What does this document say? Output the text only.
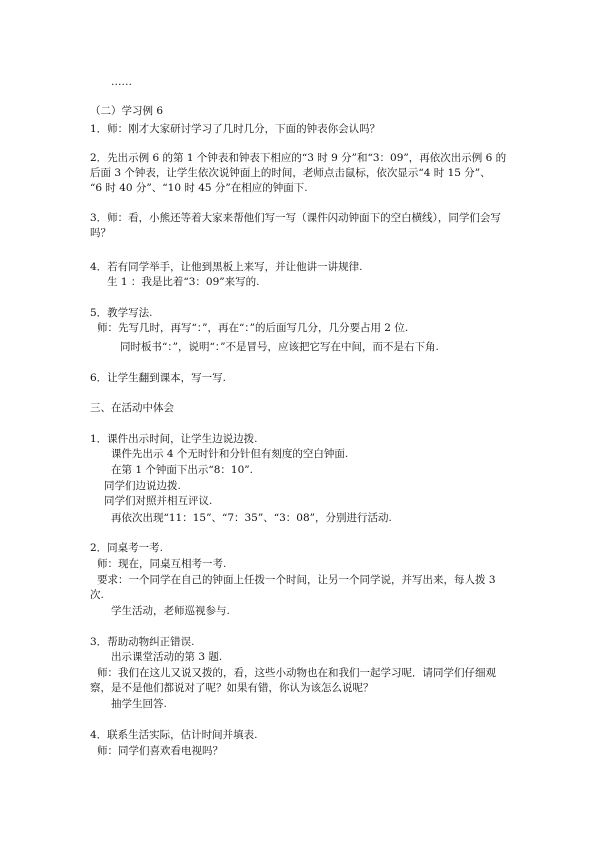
……
（二）学习例 6
1．师：刚才大家研讨学习了几时几分，下面的钟表你会认吗？
2．先出示例 6 的第 1 个钟表和钟表下相应的“3 时 9 分”和“3：09”，再依次出示例 6 的
后面 3 个钟表，让学生依次说钟面上的时间，老师点击鼠标，依次显示“4 时 15 分”、
“6 时 40 分”、“10 时 45 分”在相应的钟面下.
3．师：看，小熊还等着大家来帮他们写一写（课件闪动钟面下的空白横线），同学们会写
吗？
4．若有同学举手，让他到黑板上来写，并让他讲一讲规律.
生 1 ：我是比着“3：09”来写的.
5．教学写法.
师：先写几时，再写“：”，再在“：”的后面写几分，几分要占用 2 位.
同时板书“：”，说明“：”不是冒号，应该把它写在中间，而不是右下角.
6．让学生翻到课本，写一写.
三、在活动中体会
1．课件出示时间，让学生边说边拨.
课件先出示 4 个无时针和分针但有刻度的空白钟面.
在第 1 个钟面下出示“8：10”.
同学们边说边拨.
同学们对照并相互评议.
再依次出现“11：15”、“7：35”、“3：08”，分别进行活动.
2．同桌考一考.
师：现在，同桌互相考一考.
要求：一个同学在自己的钟面上任拨一个时间，让另一个同学说，并写出来，每人拨 3
次.
学生活动，老师巡视参与.
3．帮助动物纠正错误.
出示课堂活动的第 3 题.
师：我们在这儿又说又拨的，看，这些小动物也在和我们一起学习呢．请同学们仔细观
察，是不是他们都说对了呢？如果有错，你认为该怎么说呢？
抽学生回答.
4．联系生活实际，估计时间并填表.
师：同学们喜欢看电视吗？
